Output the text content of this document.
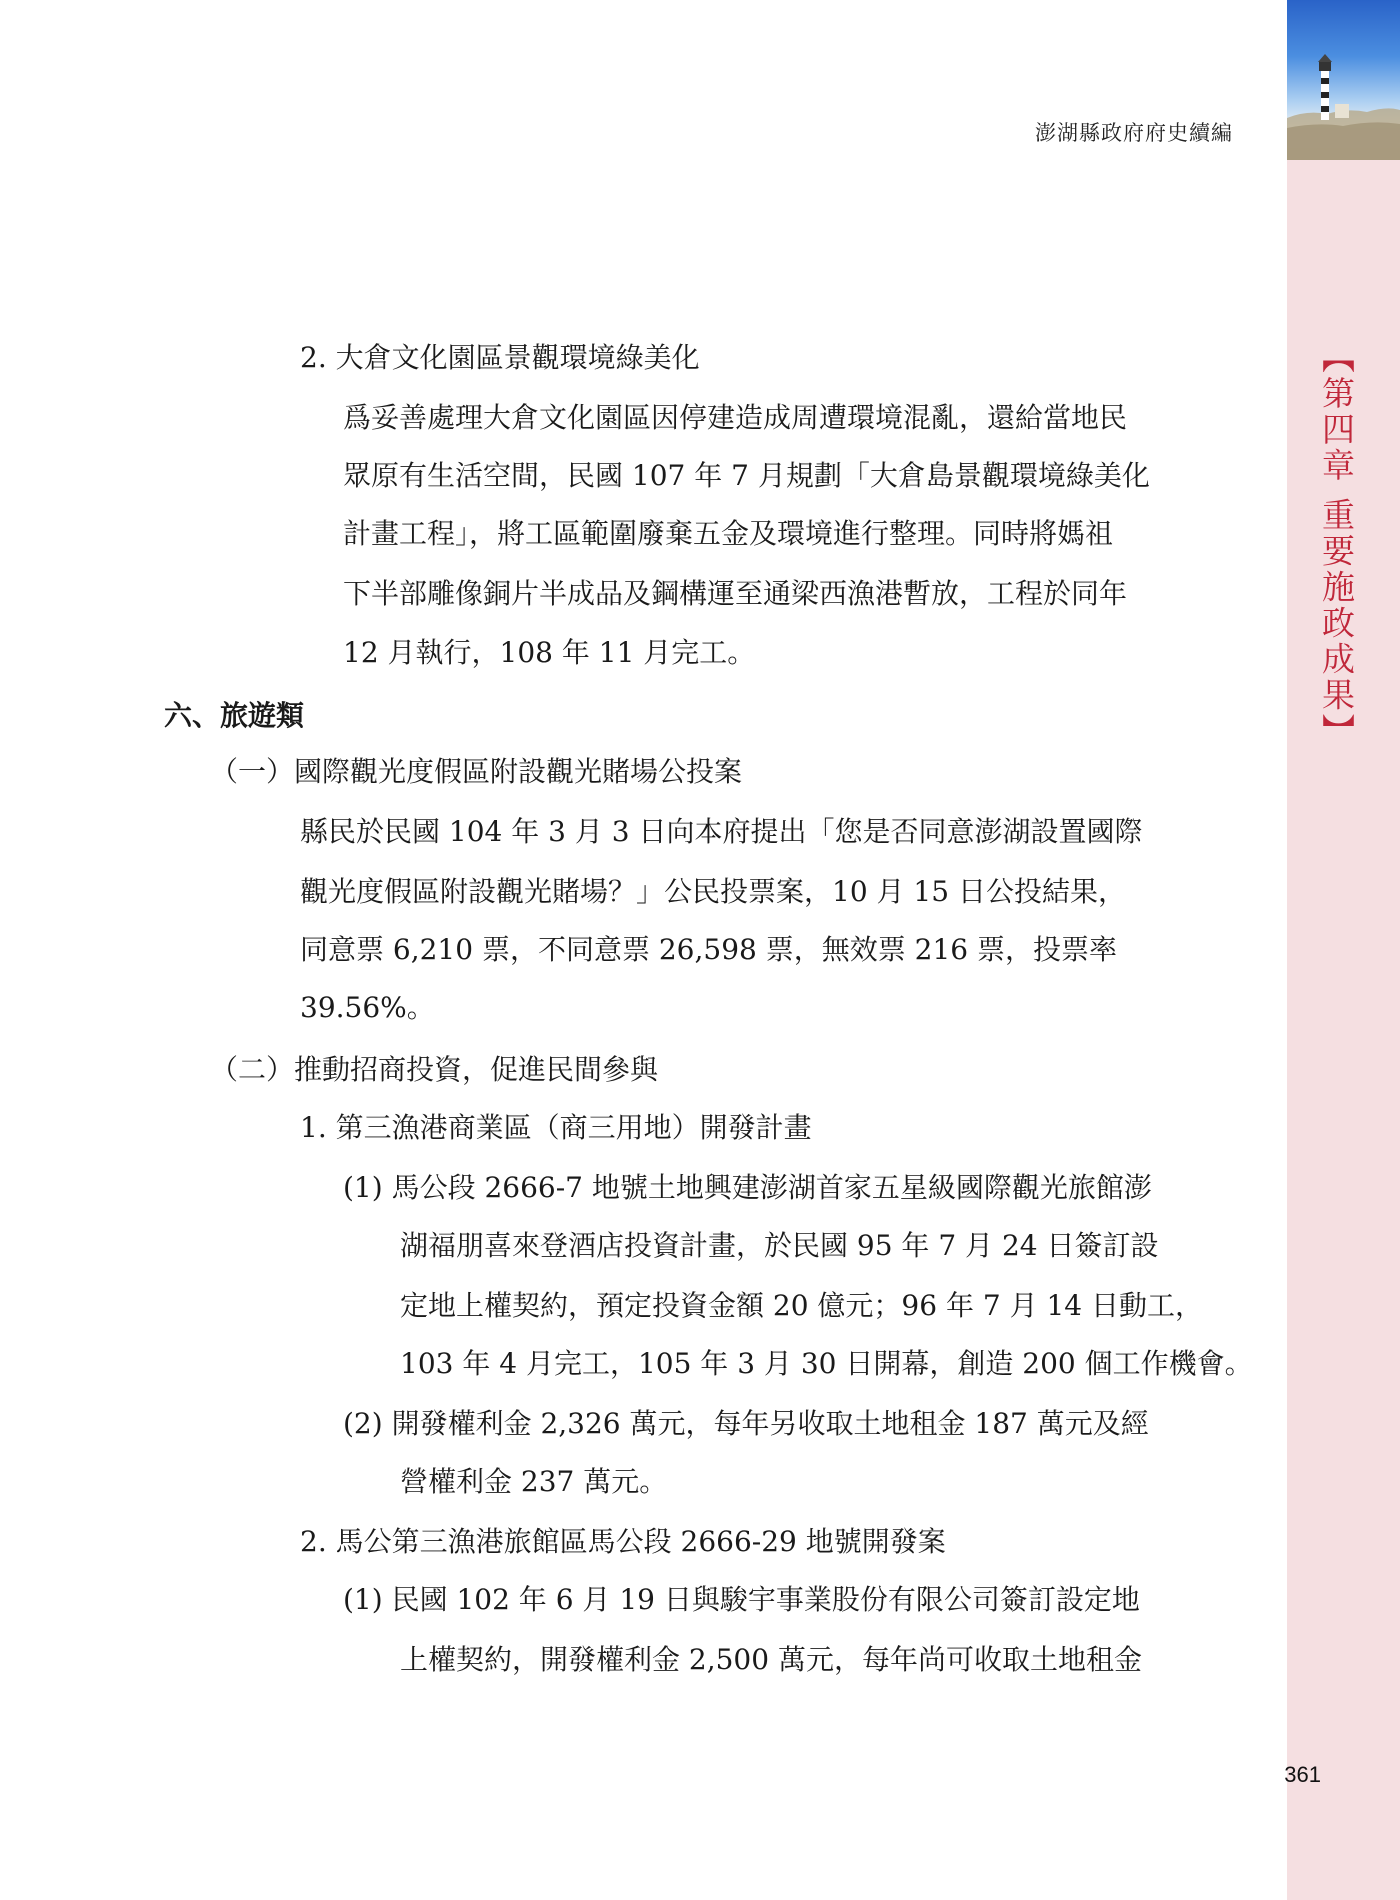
【第四章 重要施政成果】
澎湖縣政府府史續編
2. 大倉文化園區景觀環境綠美化
爲妥善處理大倉文化園區因停建造成周遭環境混亂，還給當地民
眾原有生活空間，民國 107 年 7 月規劃「大倉島景觀環境綠美化
計畫工程」，將工區範圍廢棄五金及環境進行整理。同時將媽祖
下半部雕像銅片半成品及鋼構運至通梁西漁港暫放，工程於同年
12 月執行，108 年 11 月完工。
六、旅遊類
（一）國際觀光度假區附設觀光賭場公投案
縣民於民國 104 年 3 月 3 日向本府提出「您是否同意澎湖設置國際
觀光度假區附設觀光賭場？」公民投票案，10 月 15 日公投結果，
同意票 6,210 票，不同意票 26,598 票，無效票 216 票，投票率
39.56%。
（二）推動招商投資，促進民間參與
1. 第三漁港商業區（商三用地）開發計畫
(1) 馬公段 2666-7 地號土地興建澎湖首家五星級國際觀光旅館澎
湖福朋喜來登酒店投資計畫，於民國 95 年 7 月 24 日簽訂設
定地上權契約，預定投資金額 20 億元；96 年 7 月 14 日動工，
103 年 4 月完工，105 年 3 月 30 日開幕，創造 200 個工作機會。
(2) 開發權利金 2,326 萬元，每年另收取土地租金 187 萬元及經
營權利金 237 萬元。
2. 馬公第三漁港旅館區馬公段 2666-29 地號開發案
(1) 民國 102 年 6 月 19 日與駿宇事業股份有限公司簽訂設定地
上權契約，開發權利金 2,500 萬元，每年尚可收取土地租金
361
